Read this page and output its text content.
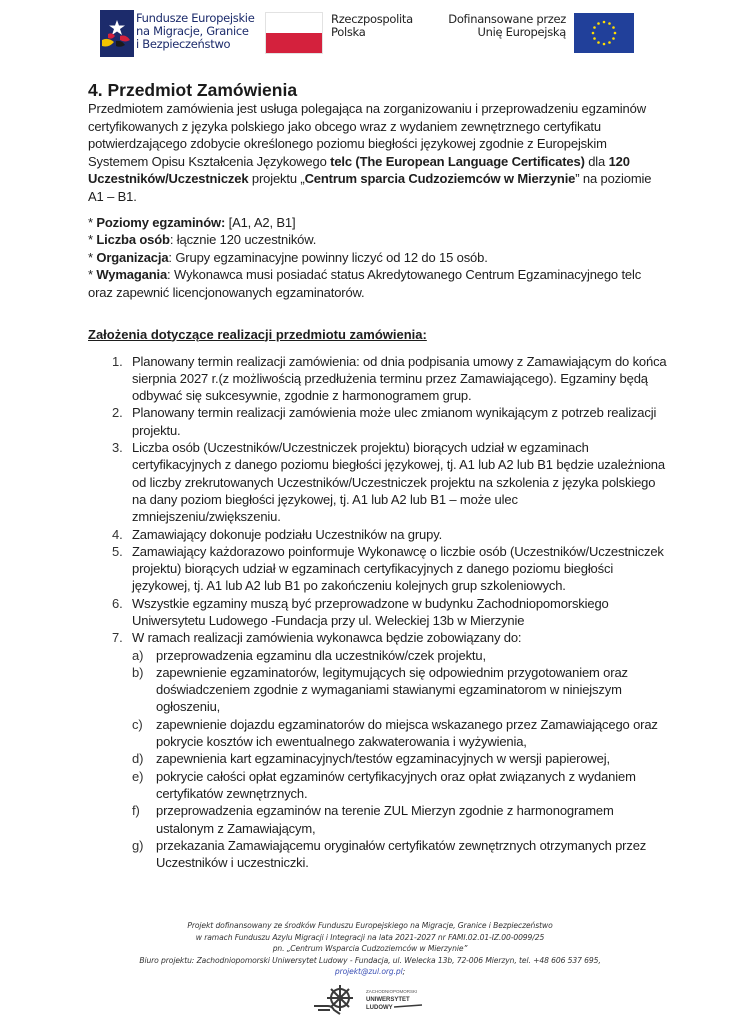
Fundusze Europejskie
na Migracje, Granice
i Bezpieczeństwo
Rzeczpospolita
Polska
Dofinansowane przez
Unię Europejską
4. Przedmiot Zamówienia

Przedmiotem zamówienia jest usługa polegająca na zorganizowaniu i przeprowadzeniu egzaminów certyfikowanych z języka polskiego jako obcego wraz z wydaniem zewnętrznego certyfikatu potwierdzającego zdobycie określonego poziomu biegłości językowej zgodnie z Europejskim Systemem Opisu Kształcenia Językowego telc (The European Language Certificates) dla 120 Uczestników/Uczestniczek projektu „Centrum sparcia Cudzoziemców w Mierzynie” na poziomie A1 – B1.

* Poziomy egzaminów: [A1, A2, B1]
* Liczba osób: łącznie 120 uczestników.
* Organizacja: Grupy egzaminacyjne powinny liczyć od 12 do 15 osób.
* Wymagania: Wykonawca musi posiadać status Akredytowanego Centrum Egzaminacyjnego telc oraz zapewnić licencjonowanych egzaminatorów.
Założenia dotyczące realizacji przedmiotu zamówienia:
1. Planowany termin realizacji zamówienia: od dnia podpisania umowy z Zamawiającym do końca sierpnia 2027 r.(z możliwością przedłużenia terminu przez Zamawiającego). Egzaminy będą odbywać się sukcesywnie, zgodnie z harmonogramem grup.
2. Planowany termin realizacji zamówienia może ulec zmianom wynikającym z potrzeb realizacji projektu.
3. Liczba osób (Uczestników/Uczestniczek projektu) biorących udział w egzaminach certyfikacyjnych z danego poziomu biegłości językowej, tj. A1 lub A2 lub B1 będzie uzależniona od liczby zrekrutowanych Uczestników/Uczestniczek projektu na szkolenia z języka polskiego na dany poziom biegłości językowej, tj. A1 lub A2 lub B1 – może ulec zmniejszeniu/zwiększeniu.
4. Zamawiający dokonuje podziału Uczestników na grupy.
5. Zamawiający każdorazowo poinformuje Wykonawcę o liczbie osób (Uczestników/Uczestniczek projektu) biorących udział w egzaminach certyfikacyjnych z danego poziomu biegłości językowej, tj. A1 lub A2 lub B1 po zakończeniu kolejnych grup szkoleniowych.
6. Wszystkie egzaminy muszą być przeprowadzone w budynku Zachodniopomorskiego Uniwersytetu Ludowego -Fundacja przy ul. Weleckiej 13b w Mierzynie
7. W ramach realizacji zamówienia wykonawca będzie zobowiązany do:
a) przeprowadzenia egzaminu dla uczestników/czek projektu,
b) zapewnienie egzaminatorów, legitymujących się odpowiednim przygotowaniem oraz doświadczeniem zgodnie z wymaganiami stawianymi egzaminatorom w niniejszym ogłoszeniu,
c) zapewnienie dojazdu egzaminatorów do miejsca wskazanego przez Zamawiającego oraz pokrycie kosztów ich ewentualnego zakwaterowania i wyżywienia,
d) zapewnienia kart egzaminacyjnych/testów egzaminacyjnych w wersji papierowej,
e) pokrycie całości opłat egzaminów certyfikacyjnych oraz opłat związanych z wydaniem certyfikatów zewnętrznych.
f) przeprowadzenia egzaminów na terenie ZUL Mierzyn zgodnie z harmonogramem ustalonym z Zamawiającym,
g) przekazania Zamawiającemu oryginałów certyfikatów zewnętrznych otrzymanych przez Uczestników i uczestniczki.
Projekt dofinansowany ze środków Funduszu Europejskiego na Migracje, Granice i Bezpieczeństwo
w ramach Funduszu Azylu Migracji i Integracji na lata 2021-2027 nr FAMI.02.01-IZ.00-0099/25
pn. „Centrum Wsparcia Cudzoziemców w Mierzynie”
Biuro projektu: Zachodniopomorski Uniwersytet Ludowy - Fundacja, ul. Welecka 13b, 72-006 Mierzyn, tel. +48 606 537 695,
projekt@zul.org.pl;
ZACHODNIOPOMORSKI
UNIWERSYTET
LUDOWY
